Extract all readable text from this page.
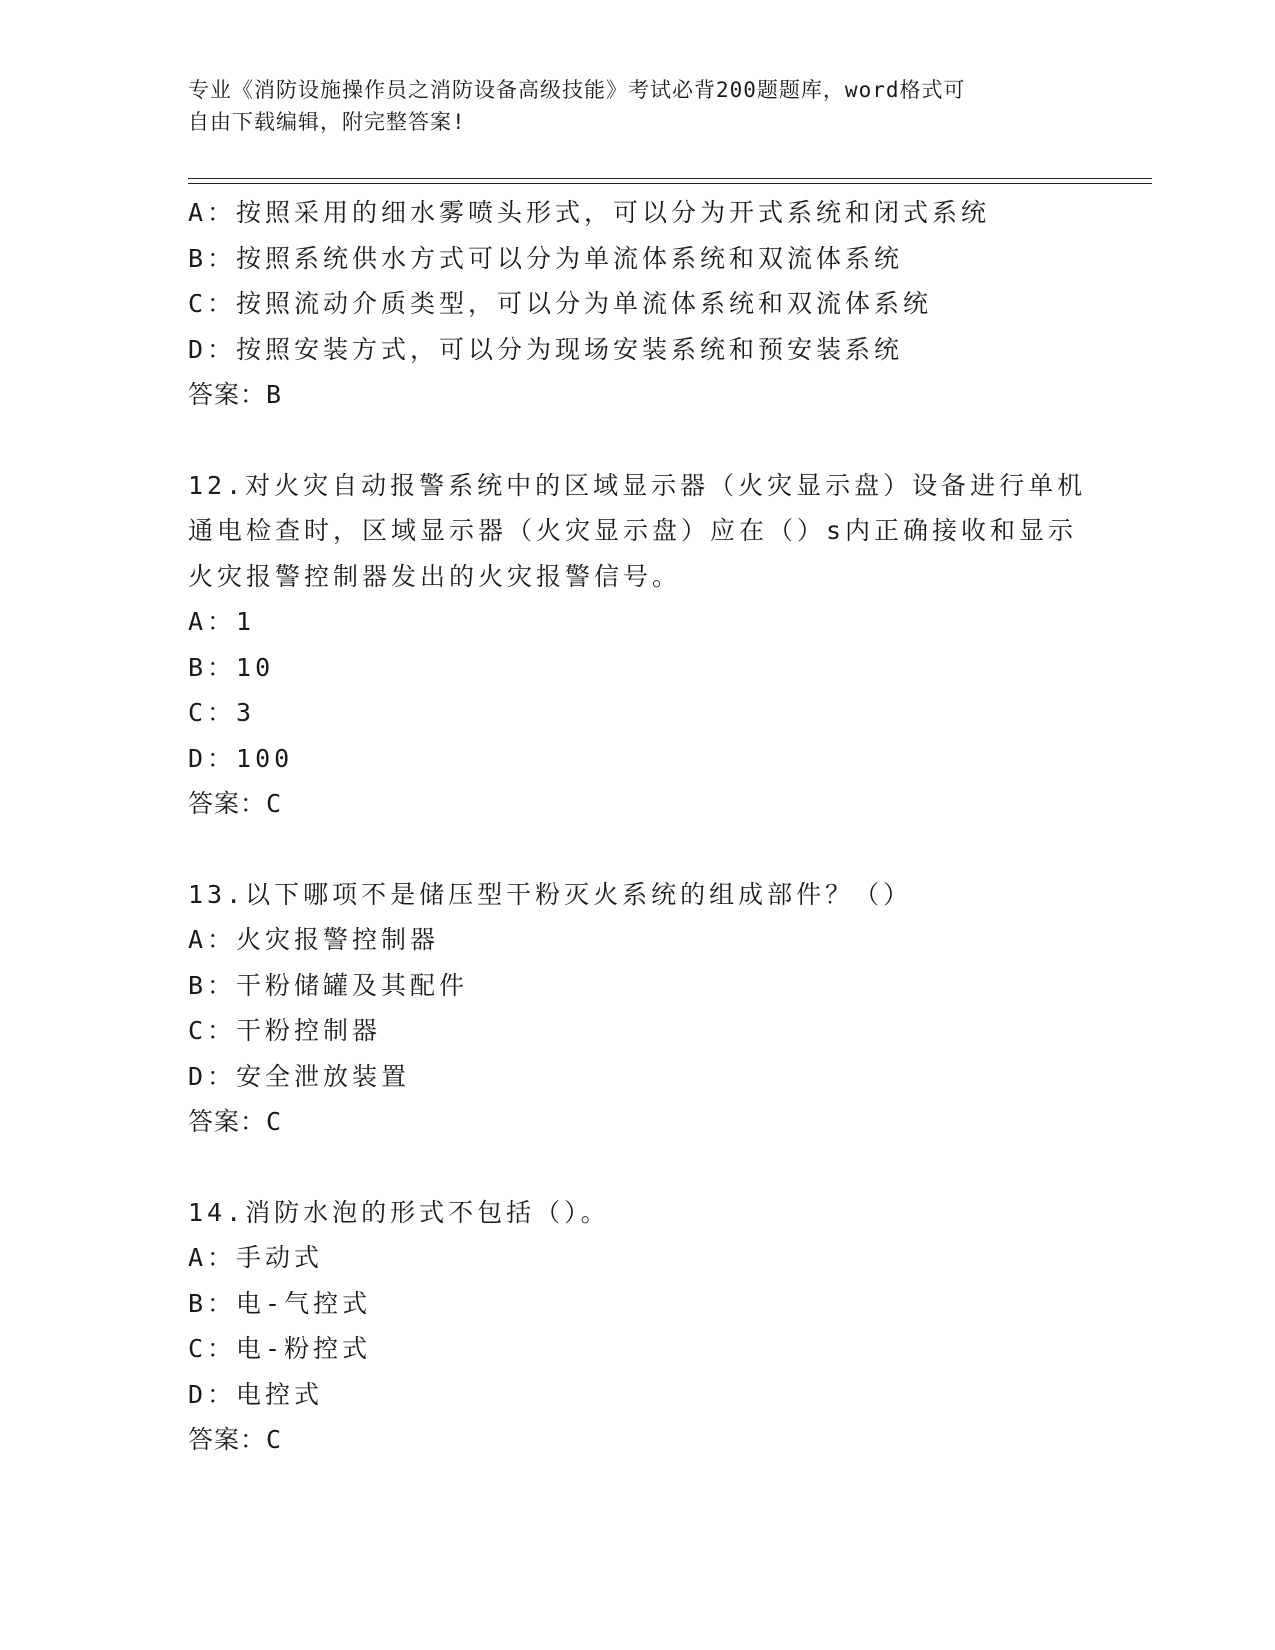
专业《消防设施操作员之消防设备高级技能》考试必背200题题库，word格式可
自由下载编辑，附完整答案!
A：按照采用的细水雾喷头形式，可以分为开式系统和闭式系统
B：按照系统供水方式可以分为单流体系统和双流体系统
C：按照流动介质类型，可以分为单流体系统和双流体系统
D：按照安装方式，可以分为现场安装系统和预安装系统
答案：B
12.对火灾自动报警系统中的区域显示器（火灾显示盘）设备进行单机
通电检查时，区域显示器（火灾显示盘）应在（）s内正确接收和显示
火灾报警控制器发出的火灾报警信号。
A：1
B：10
C：3
D：100
答案：C
13.以下哪项不是储压型干粉灭火系统的组成部件？（）
A：火灾报警控制器
B：干粉储罐及其配件
C：干粉控制器
D：安全泄放装置
答案：C
14.消防水泡的形式不包括（）。
A：手动式
B：电-气控式
C：电-粉控式
D：电控式
答案：C
